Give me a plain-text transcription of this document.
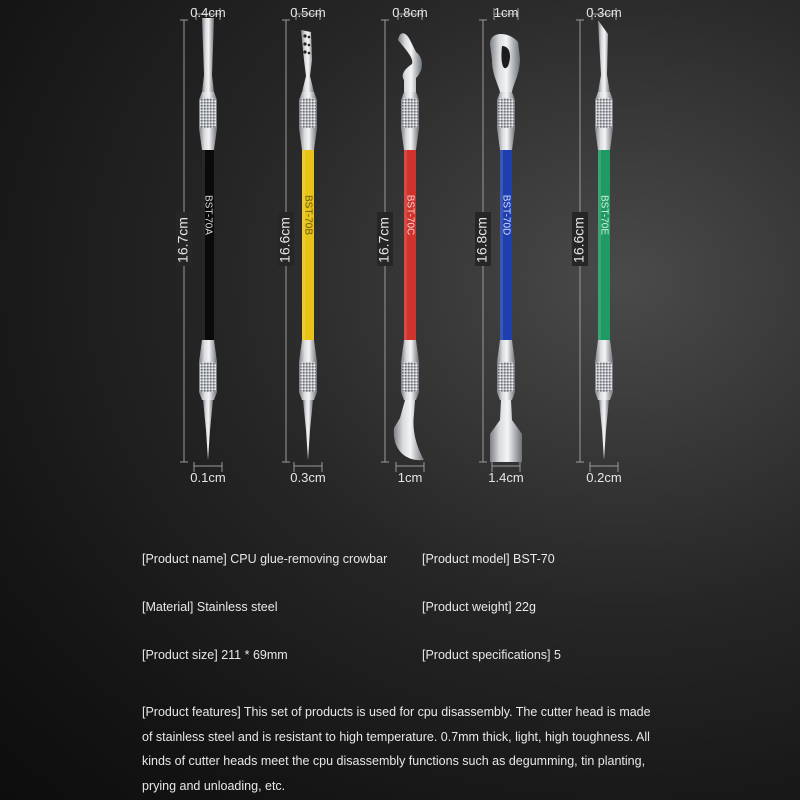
BST-70A
0.4cm
0.1cm
16.7cm
BST-70B
0.5cm
0.3cm
16.6cm
BST-70C
0.8cm
1cm
16.7cm
BST-70D
1cm
1.4cm
16.8cm
BST-70E
0.3cm
0.2cm
16.6cm
[Product name] CPU glue-removing crowbar	[Product model] BST-70
[Material] Stainless steel	[Product weight] 22g
[Product size] 211 * 69mm	[Product specifications] 5
[Product features] This set of products is used for cpu disassembly. The cutter head is made of stainless steel and is resistant to high temperature. 0.7mm thick, light, high toughness. All kinds of cutter heads meet the cpu disassembly functions such as degumming, tin planting, prying and unloading, etc.
